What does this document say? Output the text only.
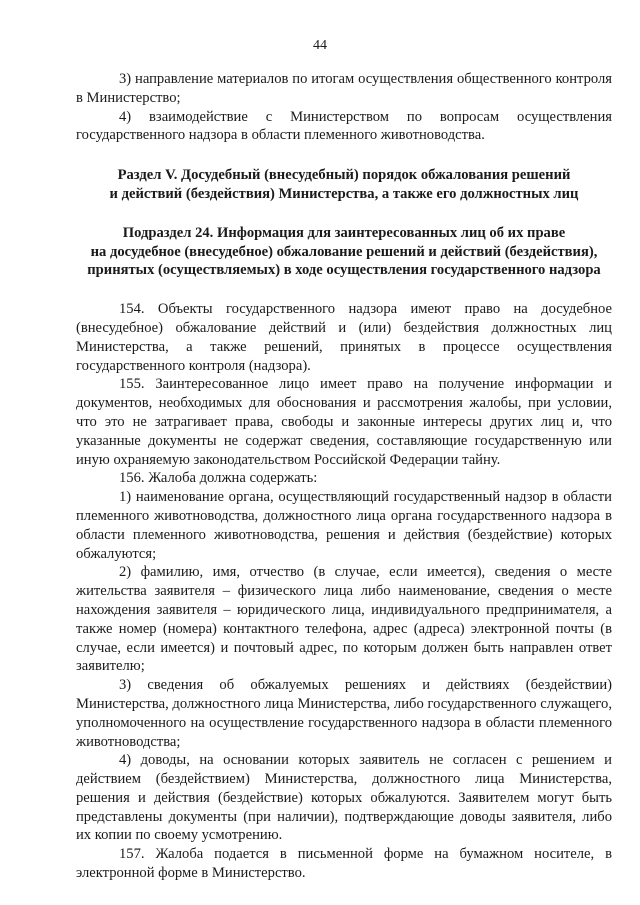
44

3) направление материалов по итогам осуществления общественного контроля в Министерство;

4) взаимодействие с Министерством по вопросам осуществления государственного надзора в области племенного животноводства.

Раздел V. Досудебный (внесудебный) порядок обжалования решений
и действий (бездействия) Министерства, а также его должностных лиц
Подраздел 24. Информация для заинтересованных лиц об их праве
на досудебное (внесудебное) обжалование решений и действий (бездействия),
принятых (осуществляемых) в ходе осуществления государственного надзора

154. Объекты государственного надзора имеют право на досудебное (внесудебное) обжалование действий и (или) бездействия должностных лиц Министерства, а также решений, принятых в процессе осуществления государственного контроля (надзора).

155. Заинтересованное лицо имеет право на получение информации и документов, необходимых для обоснования и рассмотрения жалобы, при условии, что это не затрагивает права, свободы и законные интересы других лиц и, что указанные документы не содержат сведения, составляющие государственную или иную охраняемую законодательством Российской Федерации тайну.

156. Жалоба должна содержать:

1) наименование органа, осуществляющий государственный надзор в области племенного животноводства, должностного лица органа государственного надзора в области племенного животноводства, решения и действия (бездействие) которых обжалуются;

2) фамилию, имя, отчество (в случае, если имеется), сведения о месте жительства заявителя – физического лица либо наименование, сведения о месте нахождения заявителя – юридического лица, индивидуального предпринимателя, а также номер (номера) контактного телефона, адрес (адреса) электронной почты (в случае, если имеется) и почтовый адрес, по которым должен быть направлен ответ заявителю;

3) сведения об обжалуемых решениях и действиях (бездействии) Министерства, должностного лица Министерства, либо государственного служащего, уполномоченного на осуществление государственного надзора в области племенного животноводства;

4) доводы, на основании которых заявитель не согласен с решением и действием (бездействием) Министерства, должностного лица Министерства, решения и действия (бездействие) которых обжалуются. Заявителем могут быть представлены документы (при наличии), подтверждающие доводы заявителя, либо их копии по своему усмотрению.

157. Жалоба подается в письменной форме на бумажном носителе, в электронной форме в Министерство.
